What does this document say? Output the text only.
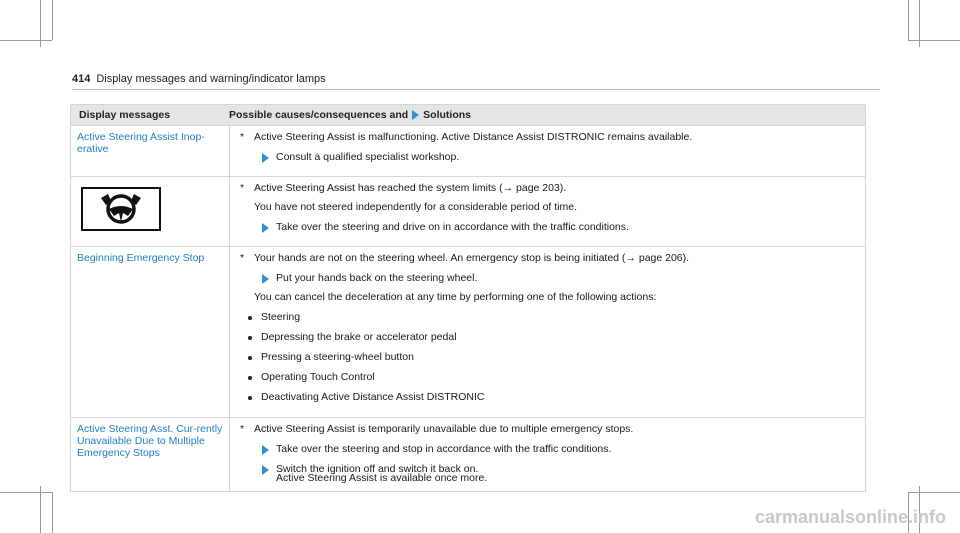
414 Display messages and warning/indicator lamps
Display messages	Possible causes/consequences and Solutions
Active Steering Assist Inop-erative
* Active Steering Assist is malfunctioning. Active Distance Assist DISTRONIC remains available.
Consult a qualified specialist workshop.
* Active Steering Assist has reached the system limits (→ page 203).
You have not steered independently for a considerable period of time.
Take over the steering and drive on in accordance with the traffic conditions.
Beginning Emergency Stop	* Your hands are not on the steering wheel. An emergency stop is being initiated (→ page 206).
Put your hands back on the steering wheel.
You can cancel the deceleration at any time by performing one of the following actions:
Steering
Depressing the brake or accelerator pedal
Pressing a steering-wheel button
Operating Touch Control
Deactivating Active Distance Assist DISTRONIC
Active Steering Asst. Cur-rently Unavailable Due to Multiple Emergency Stops
* Active Steering Assist is temporarily unavailable due to multiple emergency stops.
Take over the steering and stop in accordance with the traffic conditions.
Switch the ignition off and switch it back on.
Active Steering Assist is available once more.
carmanualsonline.info
